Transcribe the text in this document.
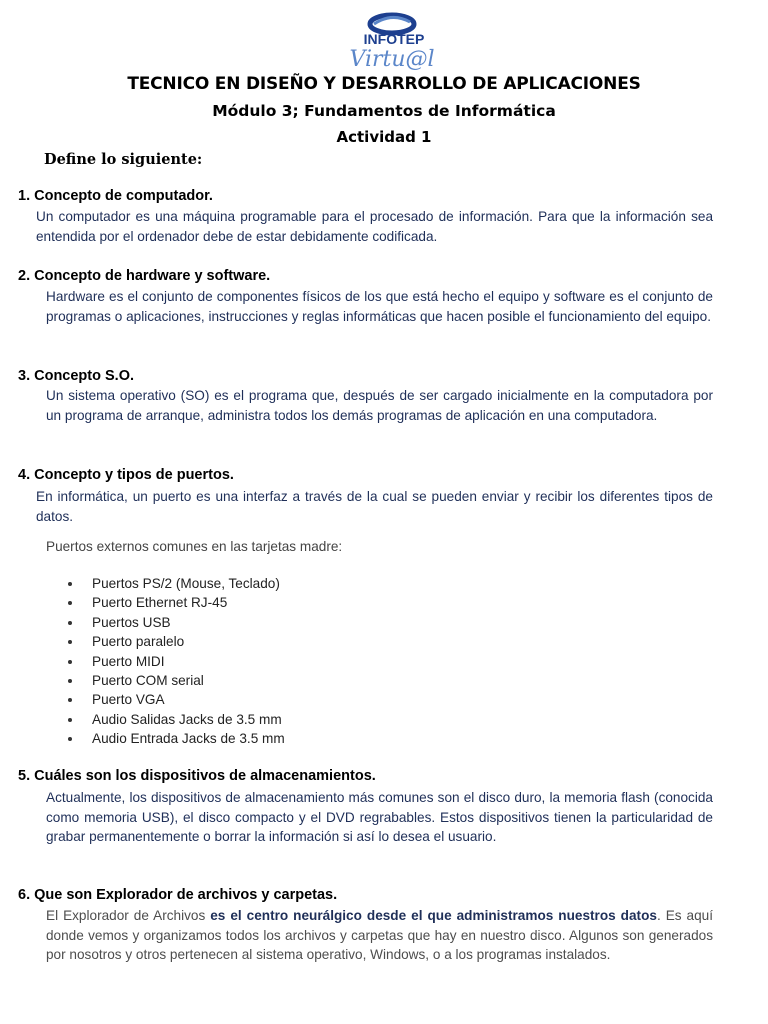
INFOTEP
Virtu@l
TECNICO EN DISEÑO Y DESARROLLO DE APLICACIONES
Módulo 3; Fundamentos de Informática
Actividad 1
Define lo siguiente:
1. Concepto de computador.
Un computador es una máquina programable para el procesado de información. Para que la información sea entendida por el ordenador debe de estar debidamente codificada.
2. Concepto de hardware y software.
Hardware es el conjunto de componentes físicos de los que está hecho el equipo y software es el conjunto de programas o aplicaciones, instrucciones y reglas informáticas que hacen posible el funcionamiento del equipo.
3. Concepto S.O.
Un sistema operativo (SO) es el programa que, después de ser cargado inicialmente en la computadora por un programa de arranque, administra todos los demás programas de aplicación en una computadora.
4. Concepto y tipos de puertos.
En informática, un puerto es una interfaz a través de la cual se pueden enviar y recibir los diferentes tipos de datos.
Puertos externos comunes en las tarjetas madre:
Puertos PS/2 (Mouse, Teclado)
Puerto Ethernet RJ-45
Puertos USB
Puerto paralelo
Puerto MIDI
Puerto COM serial
Puerto VGA
Audio Salidas Jacks de 3.5 mm
Audio Entrada Jacks de 3.5 mm
5. Cuáles son los dispositivos de almacenamientos.
Actualmente, los dispositivos de almacenamiento más comunes son el disco duro, la memoria flash (conocida como memoria USB), el disco compacto y el DVD regrabables. Estos dispositivos tienen la particularidad de grabar permanentemente o borrar la información si así lo desea el usuario.
6. Que son Explorador de archivos y carpetas.
El Explorador de Archivos es el centro neurálgico desde el que administramos nuestros datos. Es aquí donde vemos y organizamos todos los archivos y carpetas que hay en nuestro disco. Algunos son generados por nosotros y otros pertenecen al sistema operativo, Windows, o a los programas instalados.
